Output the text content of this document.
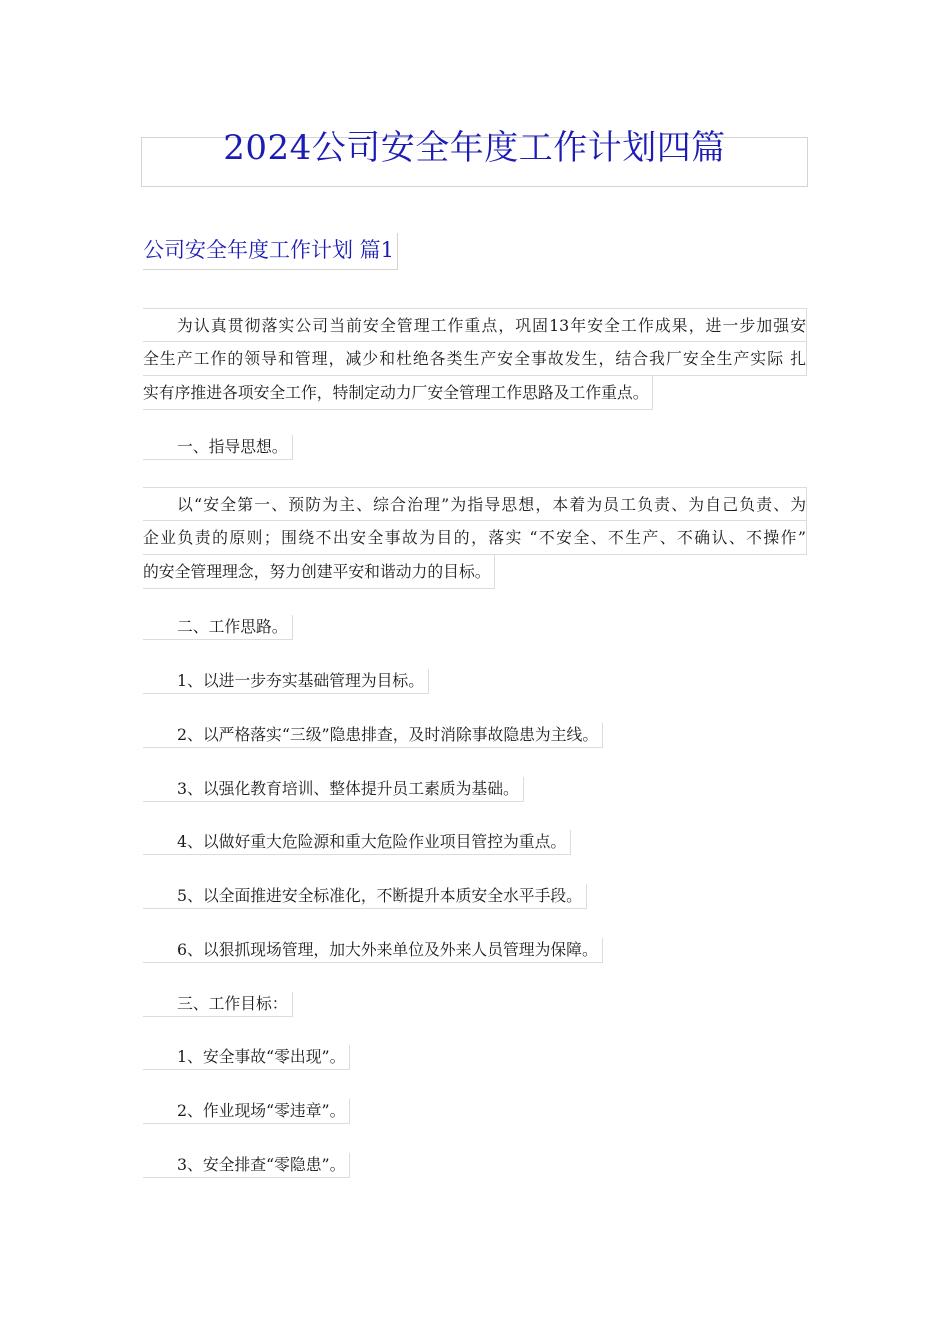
2024公司安全年度工作计划四篇
公司安全年度工作计划 篇1
为认真贯彻落实公司当前安全管理工作重点，巩固13年安全工作成果，进一步加强安
全生产工作的领导和管理，减少和杜绝各类生产安全事故发生，结合我厂安全生产实际 扎
实有序推进各项安全工作，特制定动力厂安全管理工作思路及工作重点。
一、指导思想。
以“安全第一、预防为主、综合治理”为指导思想，本着为员工负责、为自己负责、为
企业负责的原则；围绕不出安全事故为目的，落实 “不安全、不生产、不确认、不操作”
的安全管理理念，努力创建平安和谐动力的目标。
二、工作思路。
1、以进一步夯实基础管理为目标。
2、以严格落实“三级”隐患排查，及时消除事故隐患为主线。
3、以强化教育培训、整体提升员工素质为基础。
4、以做好重大危险源和重大危险作业项目管控为重点。
5、以全面推进安全标准化，不断提升本质安全水平手段。
6、以狠抓现场管理，加大外来单位及外来人员管理为保障。
三、工作目标：
1、安全事故“零出现”。
2、作业现场“零违章”。
3、安全排查“零隐患”。
